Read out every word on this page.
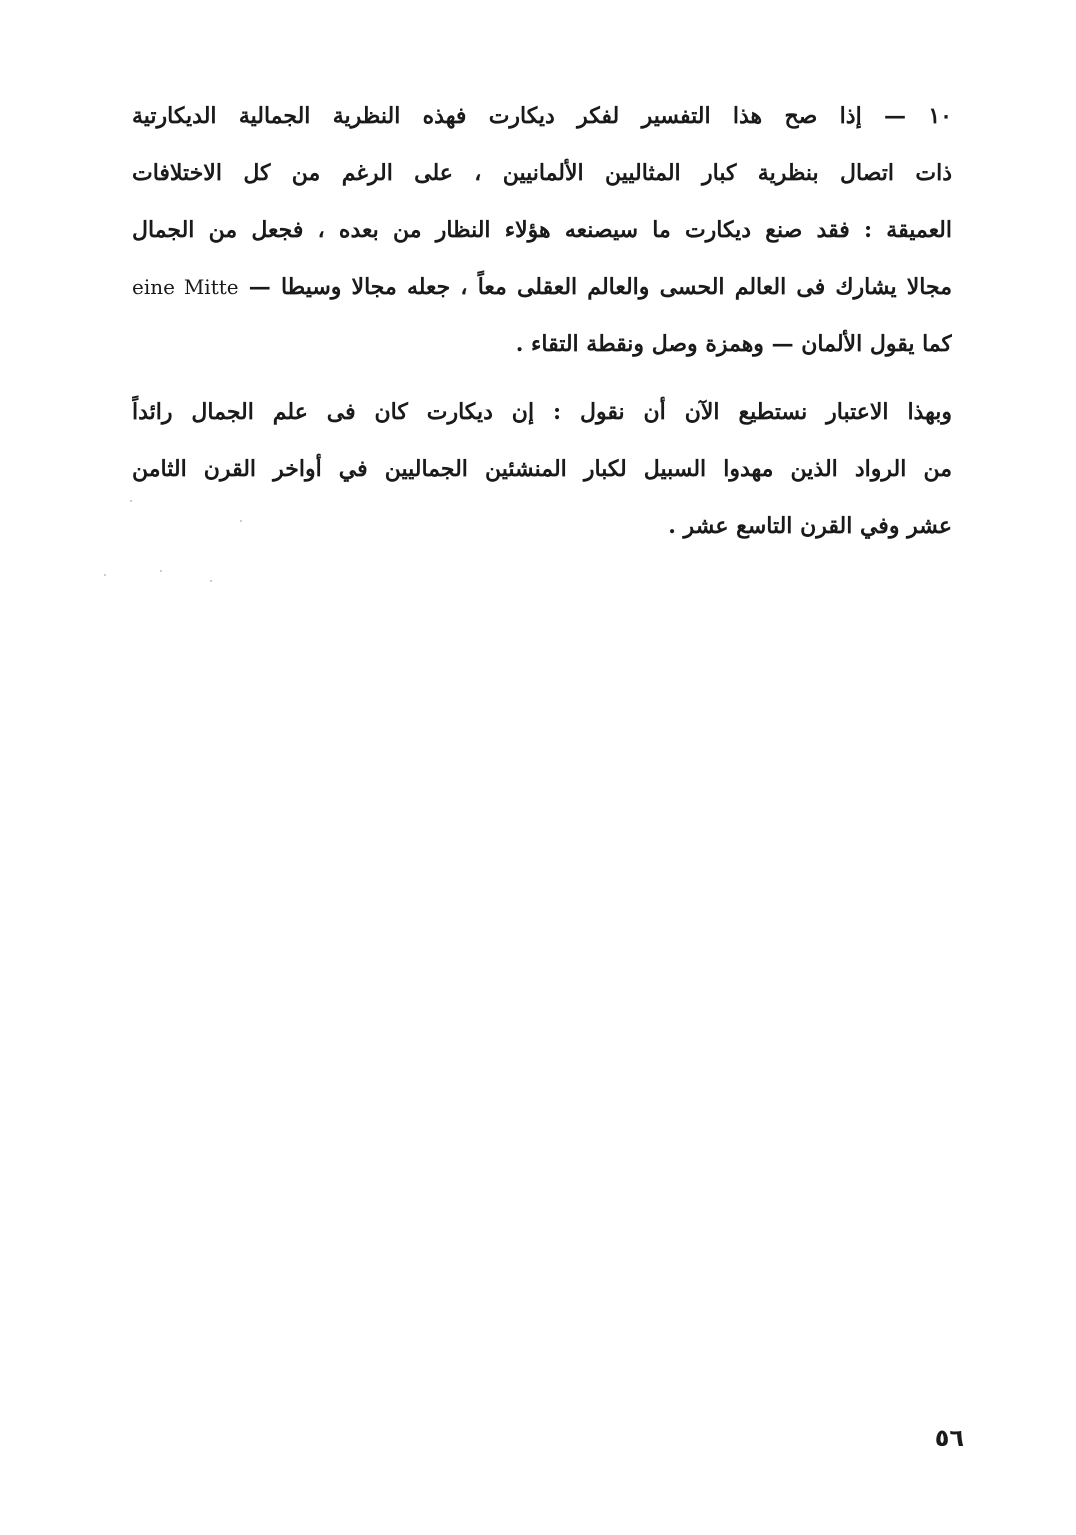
١٠ — إذا صح هذا التفسير لفكر ديكارت فهذه النظرية الجمالية الديكارتية
ذات اتصال بنظرية كبار المثاليين الألمانيين ، على الرغم من كل الاختلافات
العميقة : فقد صنع ديكارت ما سيصنعه هؤلاء النظار من بعده ، فجعل من الجمال
مجالا يشارك فى العالم الحسى والعالم العقلى معاً ، جعله مجالا وسيطا — eine Mitte
كما يقول الألمان — وهمزة وصل ونقطة التقاء .
وبهذا الاعتبار نستطيع الآن أن نقول : إن ديكارت كان فى علم الجمال رائداً
من الرواد الذين مهدوا السبيل لكبار المنشئين الجماليين في أواخر القرن الثامن
عشر وفي القرن التاسع عشر .
٥٦
